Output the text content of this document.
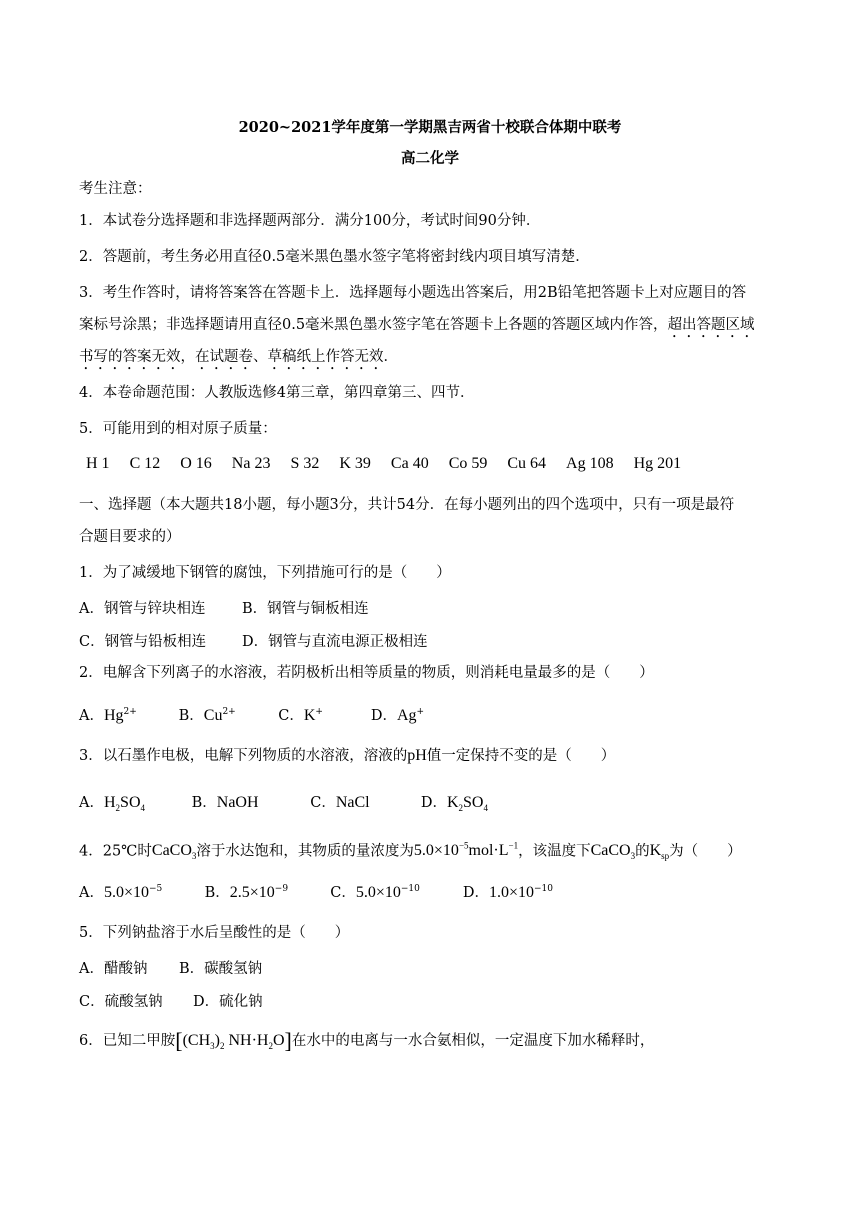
2020~2021学年度第一学期黑吉两省十校联合体期中联考
高二化学
考生注意：
1．本试卷分选择题和非选择题两部分．满分100分，考试时间90分钟．
2．答题前，考生务必用直径0.5毫米黑色墨水签字笔将密封线内项目填写清楚．
3．考生作答时，请将答案答在答题卡上．选择题每小题选出答案后，用2B铅笔把答题卡上对应题目的答
案标号涂黑；非选择题请用直径0.5毫米黑色墨水签字笔在答题卡上各题的答题区域内作答，超出答题区域
书写的答案无效，在试题卷、草稿纸上作答无效．
4．本卷命题范围：人教版选修4第三章，第四章第三、四节．
5．可能用到的相对原子质量：
H 1 C 12 O 16 Na 23 S 32 K 39 Ca 40 Co 59 Cu 64 Ag 108 Hg 201
一、选择题（本大题共18小题，每小题3分，共计54分．在每小题列出的四个选项中，只有一项是最符
合题目要求的）
1．为了减缓地下钢管的腐蚀，下列措施可行的是（　　）
A．钢管与锌块相连	B．钢管与铜板相连
C．钢管与铅板相连 D．钢管与直流电源正极相连
2．电解含下列离子的水溶液，若阴极析出相等质量的物质，则消耗电量最多的是（　　）
A．$Hg^{2+}$	B．$Cu^{2+}$	C．K+	D．Ag+
3．以石墨作电极，电解下列物质的水溶液，溶液的pH值一定保持不变的是（　　）
A．$H_2SO_4$	B．NaOH	C．NaCl	D．$K_2SO_4$
4．25℃时CaCO$_3$溶于水达饱和，其物质的量浓度为$5.0\times 10^{-5}mol\cdot L^{-1}$，该温度下CaCO$_3$的$K_{sp}$为（　　）
A．$5.0\times 10^{-5}$	B．$2.5\times 10^{-9}$	C．$5.0\times 10^{-10}$	D．$1.0\times 10^{-10}$
5．下列钠盐溶于水后呈酸性的是（　　）
A．醋酸钠 B．碳酸氢钠
C．硫酸氢钠 D．硫化钠
6．已知二甲胺[$(CH_3)_2$ $NH\cdot H_2O$]在水中的电离与一水合氨相似，一定温度下加水稀释时，
